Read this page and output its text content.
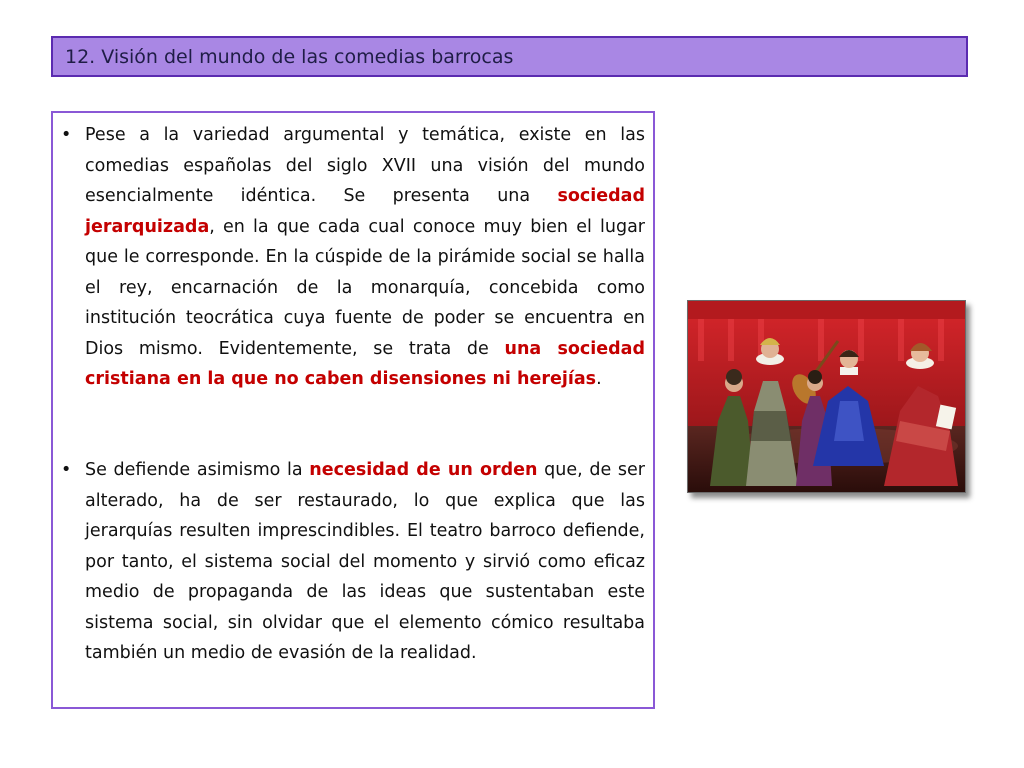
12. Visión del mundo de las comedias barrocas
• Pese a la variedad argumental y temática, existe en las comedias españolas del siglo XVII una visión del mundo esencialmente idéntica. Se presenta una sociedad jerarquizada, en la que cada cual conoce muy bien el lugar que le corresponde. En la cúspide de la pirámide social se halla el rey, encarnación de la monarquía, concebida como institución teocrática cuya fuente de poder se encuentra en Dios mismo. Evidentemente, se trata de una sociedad cristiana en la que no caben disensiones ni herejías.
• Se defiende asimismo la necesidad de un orden que, de ser alterado, ha de ser restaurado, lo que explica que las jerarquías resulten imprescindibles. El teatro barroco defiende, por tanto, el sistema social del momento y sirvió como eficaz medio de propaganda de las ideas que sustentaban este sistema social, sin olvidar que el elemento cómico resultaba también un medio de evasión de la realidad.
